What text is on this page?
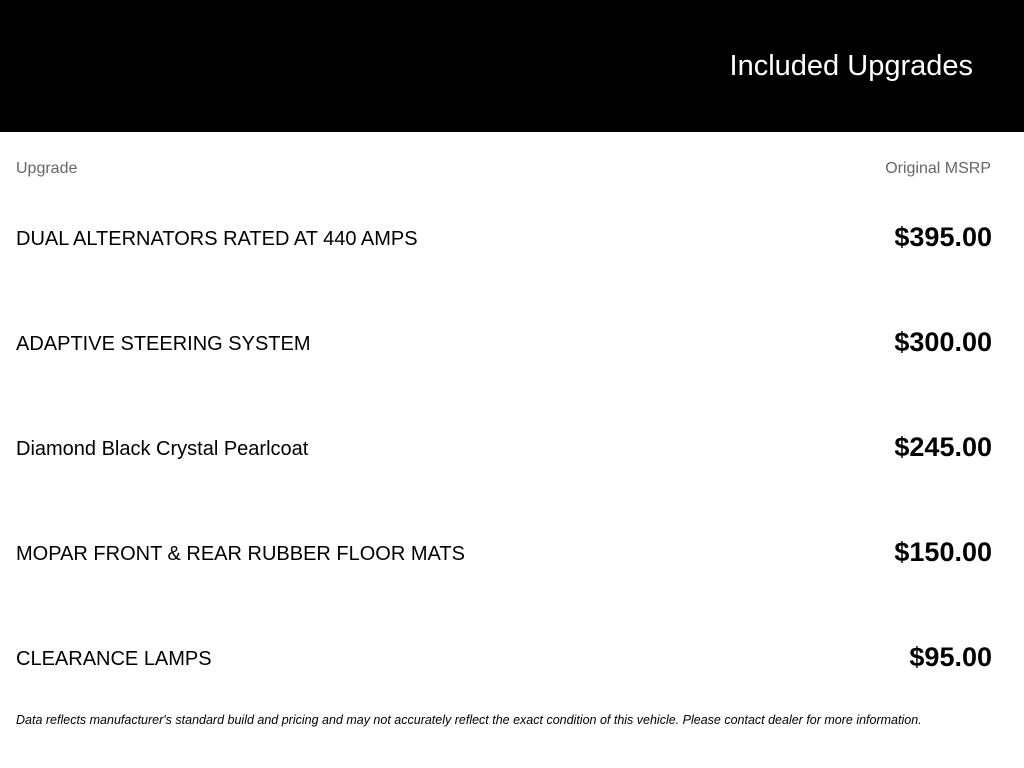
Included Upgrades
Upgrade	Original MSRP
DUAL ALTERNATORS RATED AT 440 AMPS	$395.00
ADAPTIVE STEERING SYSTEM	$300.00
Diamond Black Crystal Pearlcoat	$245.00
MOPAR FRONT & REAR RUBBER FLOOR MATS	$150.00
CLEARANCE LAMPS	$95.00
Data reflects manufacturer's standard build and pricing and may not accurately reflect the exact condition of this vehicle. Please contact dealer for more information.
